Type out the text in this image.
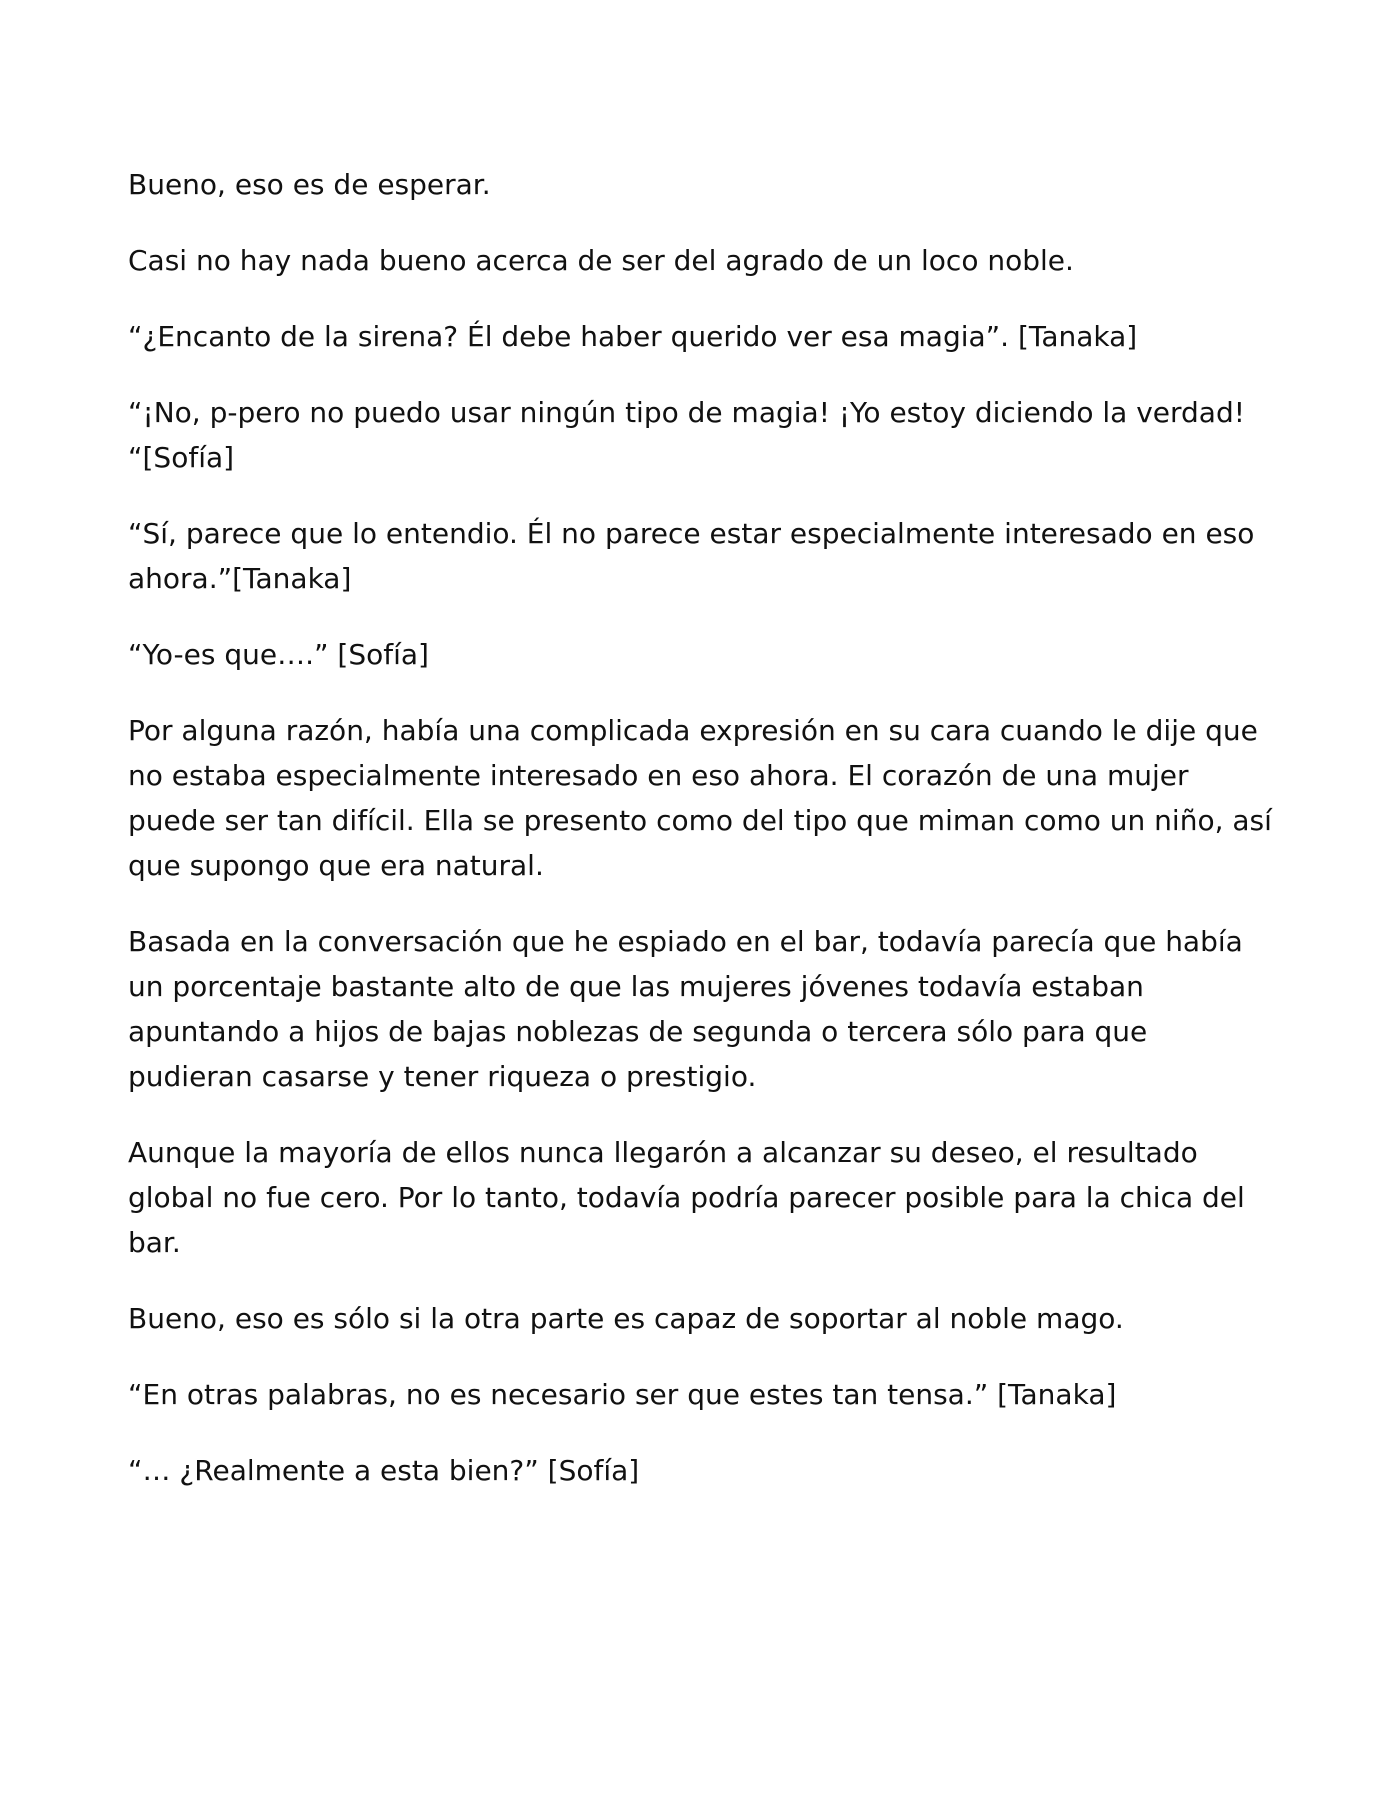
Bueno, eso es de esperar.

Casi no hay nada bueno acerca de ser del agrado de un loco noble.

“¿Encanto de la sirena? Él debe haber querido ver esa magia”. [Tanaka]

“¡No, p-pero no puedo usar ningún tipo de magia! ¡Yo estoy diciendo la verdad! “[Sofía]

“Sí, parece que lo entendio. Él no parece estar especialmente interesado en eso ahora.”[Tanaka]

“Yo-es que….” [Sofía]

Por alguna razón, había una complicada expresión en su cara cuando le dije que no estaba especialmente interesado en eso ahora. El corazón de una mujer puede ser tan difícil. Ella se presento como del tipo que miman como un niño, así que supongo que era natural.

Basada en la conversación que he espiado en el bar, todavía parecía que había un porcentaje bastante alto de que las mujeres jóvenes todavía estaban apuntando a hijos de bajas noblezas de segunda o tercera sólo para que pudieran casarse y tener riqueza o prestigio.

Aunque la mayoría de ellos nunca llegarón a alcanzar su deseo, el resultado global no fue cero. Por lo tanto, todavía podría parecer posible para la chica del bar.

Bueno, eso es sólo si la otra parte es capaz de soportar al noble mago.

“En otras palabras, no es necesario ser que estes tan tensa.” [Tanaka]

“… ¿Realmente a esta bien?” [Sofía]
